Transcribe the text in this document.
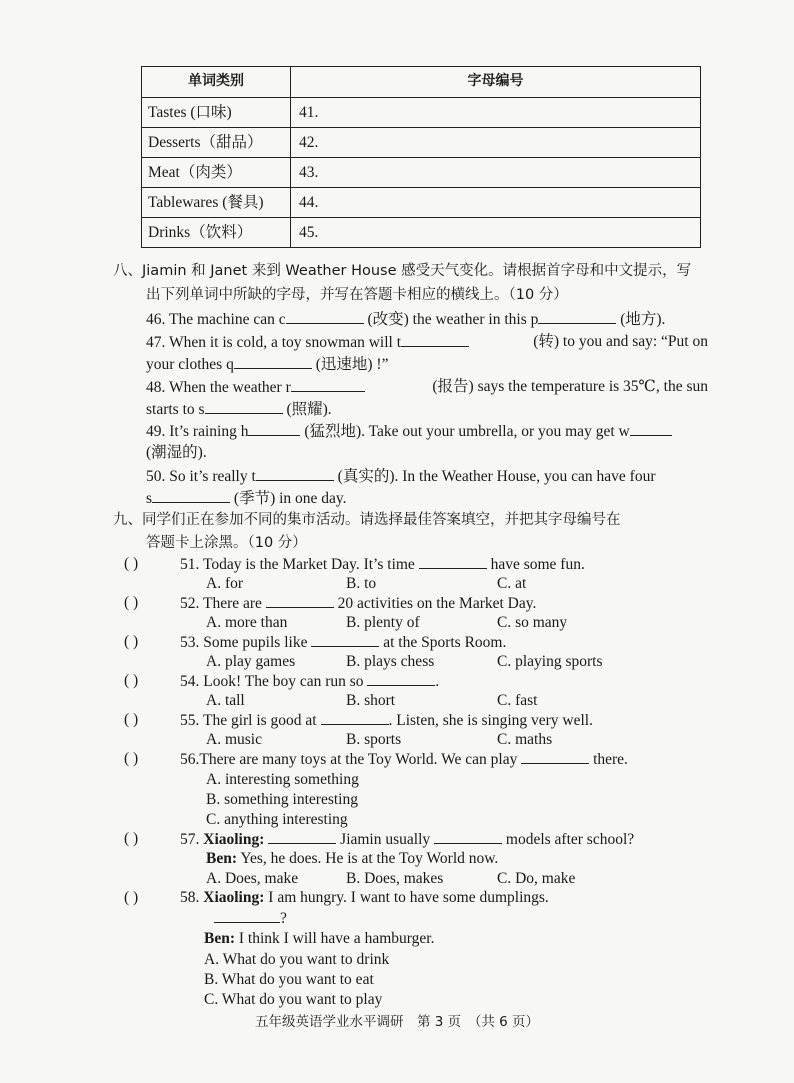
单词类别	字母编号
Tastes (口味)	41.
Desserts（甜品）	42.
Meat（肉类）	43.
Tablewares (餐具)	44.
Drinks（饮料）	45.
八、Jiamin 和 Janet 来到 Weather House 感受天气变化。请根据首字母和中文提示，写
出下列单词中所缺的字母，并写在答题卡相应的横线上。（10 分）
46. The machine can c	(改变) the weather in this p	(地方).
47. When it is cold, a toy snowman will t	(转) to you and say: “Put on
your clothes q	(迅速地) !”
48. When the weather r	(报告) says the temperature is 35℃, the sun
starts to s	(照耀).
49. It’s raining h	(猛烈地). Take out your umbrella, or you may get w
(潮湿的).
50. So it’s really t	(真实的). In the Weather House, you can have four
s	(季节) in one day.
九、同学们正在参加不同的集市活动。请选择最佳答案填空，并把其字母编号在
答题卡上涂黑。（10 分）
( )	51. Today is the Market Day. It’s time	have some fun.
A. for	B. to	C. at
( )	52. There are	20 activities on the Market Day.
A. more than	B. plenty of	C. so many
( )	53. Some pupils like	at the Sports Room.
A. play games	B. plays chess	C. playing sports
( )	54. Look! The boy can run so	.
A. tall	B. short	C. fast
( )	55. The girl is good at	. Listen, she is singing very well.
A. music	B. sports	C. maths
( )	56.There are many toys at the Toy World. We can play	there.
A. interesting something
B. something interesting
C. anything interesting
( )	57. Xiaoling:	Jiamin usually	models after school?
Ben: Yes, he does. He is at the Toy World now.
A. Does, make	B. Does, makes	C. Do, make
( )	58. Xiaoling: I am hungry. I want to have some dumplings.
?
Ben: I think I will have a hamburger.
A. What do you want to drink
B. What do you want to eat
C. What do you want to play
五年级英语学业水平调研　第 3 页　（共 6 页）
